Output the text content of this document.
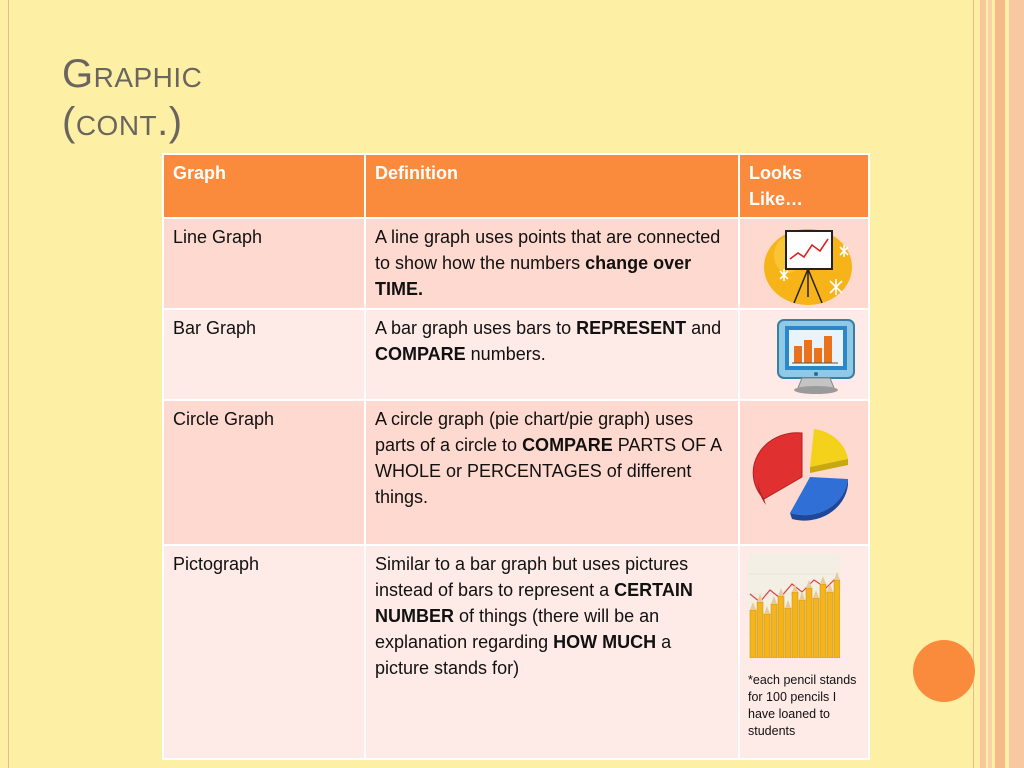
Graphic
(cont.)
Graph	Definition	Looks Like…
Line Graph	A line graph uses points that are connected to show how the numbers change over TIME.	

Bar Graph	A bar graph uses bars to REPRESENT and COMPARE numbers.	

Circle Graph	A circle graph (pie chart/pie graph) uses parts of a circle to COMPARE PARTS OF A WHOLE or PERCENTAGES of different things.	

Pictograph	Similar to a bar graph but uses pictures instead of bars to represent a CERTAIN NUMBER of things (there will be an explanation regarding HOW MUCH a picture stands for)	*each pencil stands for 100 pencils I have loaned to students
